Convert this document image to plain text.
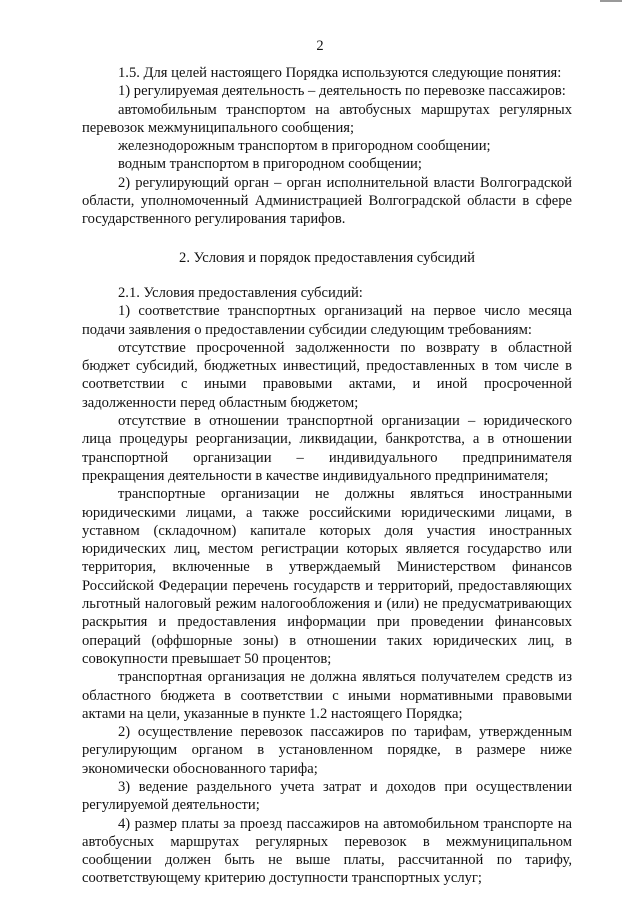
2

1.5. Для целей настоящего Порядка используются следующие понятия:

1) регулируемая деятельность – деятельность по перевозке пассажиров:

автомобильным транспортом на автобусных маршрутах регулярных перевозок межмуниципального сообщения;

железнодорожным транспортом в пригородном сообщении;

водным транспортом в пригородном сообщении;

2) регулирующий орган – орган исполнительной власти Волгоградской области, уполномоченный Администрацией Волгоградской области в сфере государственного регулирования тарифов.

2. Условия и порядок предоставления субсидий

2.1. Условия предоставления субсидий:

1) соответствие транспортных организаций на первое число месяца подачи заявления о предоставлении субсидии следующим требованиям:

отсутствие просроченной задолженности по возврату в областной бюджет субсидий, бюджетных инвестиций, предоставленных в том числе в соответствии с иными правовыми актами, и иной просроченной задолженности перед областным бюджетом;

отсутствие в отношении транспортной организации – юридического лица процедуры реорганизации, ликвидации, банкротства, а в отношении транспортной организации – индивидуального предпринимателя прекращения деятельности в качестве индивидуального предпринимателя;

транспортные организации не должны являться иностранными юридическими лицами, а также российскими юридическими лицами, в уставном (складочном) капитале которых доля участия иностранных юридических лиц, местом регистрации которых является государство или территория, включенные в утверждаемый Министерством финансов Российской Федерации перечень государств и территорий, предоставляющих льготный налоговый режим налогообложения и (или) не предусматривающих раскрытия и предоставления информации при проведении финансовых операций (оффшорные зоны) в отношении таких юридических лиц, в совокупности превышает 50 процентов;

транспортная организация не должна являться получателем средств из областного бюджета в соответствии с иными нормативными правовыми актами на цели, указанные в пункте 1.2 настоящего Порядка;

2) осуществление перевозок пассажиров по тарифам, утвержденным регулирующим органом в установленном порядке, в размере ниже экономически обоснованного тарифа;

3) ведение раздельного учета затрат и доходов при осуществлении регулируемой деятельности;

4) размер платы за проезд пассажиров на автомобильном транспорте на автобусных маршрутах регулярных перевозок в межмуниципальном сообщении должен быть не выше платы, рассчитанной по тарифу, соответствующему критерию доступности транспортных услуг;
